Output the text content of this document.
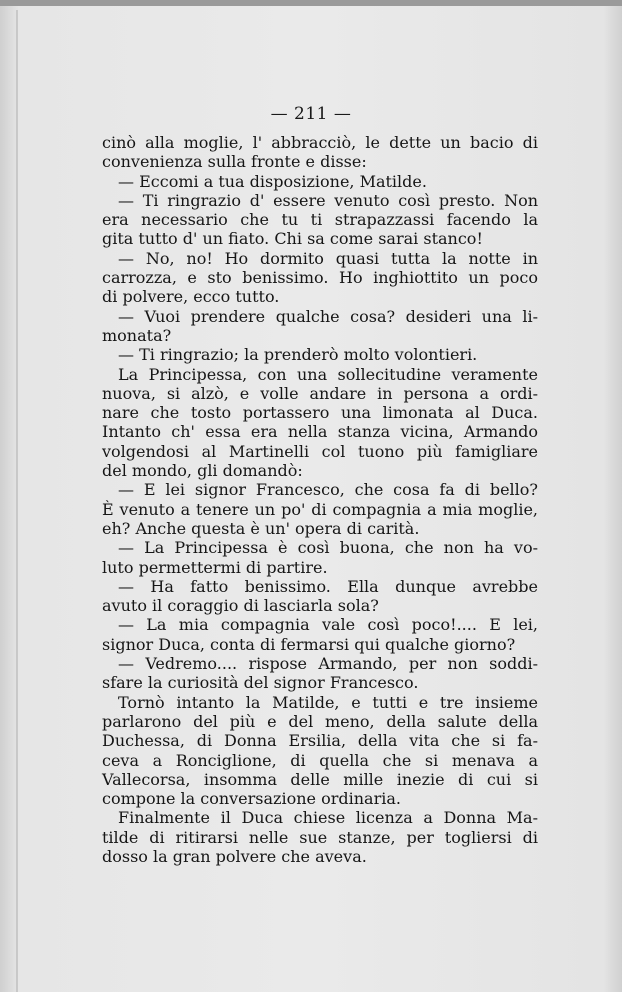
— 211 —
cinò alla moglie, l' abbracciò, le dette un bacio di
convenienza sulla fronte e disse:
— Eccomi a tua disposizione, Matilde.
— Ti ringrazio d' essere venuto così presto. Non
era necessario che tu ti strapazzassi facendo la
gita tutto d' un fiato. Chi sa come sarai stanco!
— No, no! Ho dormito quasi tutta la notte in
carrozza, e sto benissimo. Ho inghiottito un poco
di polvere, ecco tutto.
— Vuoi prendere qualche cosa? desideri una li-
monata?
— Ti ringrazio; la prenderò molto volontieri.
La Principessa, con una sollecitudine veramente
nuova, si alzò, e volle andare in persona a ordi-
nare che tosto portassero una limonata al Duca.
Intanto ch' essa era nella stanza vicina, Armando
volgendosi al Martinelli col tuono più famigliare
del mondo, gli domandò:
— E lei signor Francesco, che cosa fa di bello?
È venuto a tenere un po' di compagnia a mia moglie,
eh? Anche questa è un' opera di carità.
— La Principessa è così buona, che non ha vo-
luto permettermi di partire.
— Ha fatto benissimo. Ella dunque avrebbe
avuto il coraggio di lasciarla sola?
— La mia compagnia vale così poco!.... E lei,
signor Duca, conta di fermarsi qui qualche giorno?
— Vedremo.... rispose Armando, per non soddi-
sfare la curiosità del signor Francesco.
Tornò intanto la Matilde, e tutti e tre insieme
parlarono del più e del meno, della salute della
Duchessa, di Donna Ersilia, della vita che si fa-
ceva a Ronciglione, di quella che si menava a
Vallecorsa, insomma delle mille inezie di cui si
compone la conversazione ordinaria.
Finalmente il Duca chiese licenza a Donna Ma-
tilde di ritirarsi nelle sue stanze, per togliersi di
dosso la gran polvere che aveva.
